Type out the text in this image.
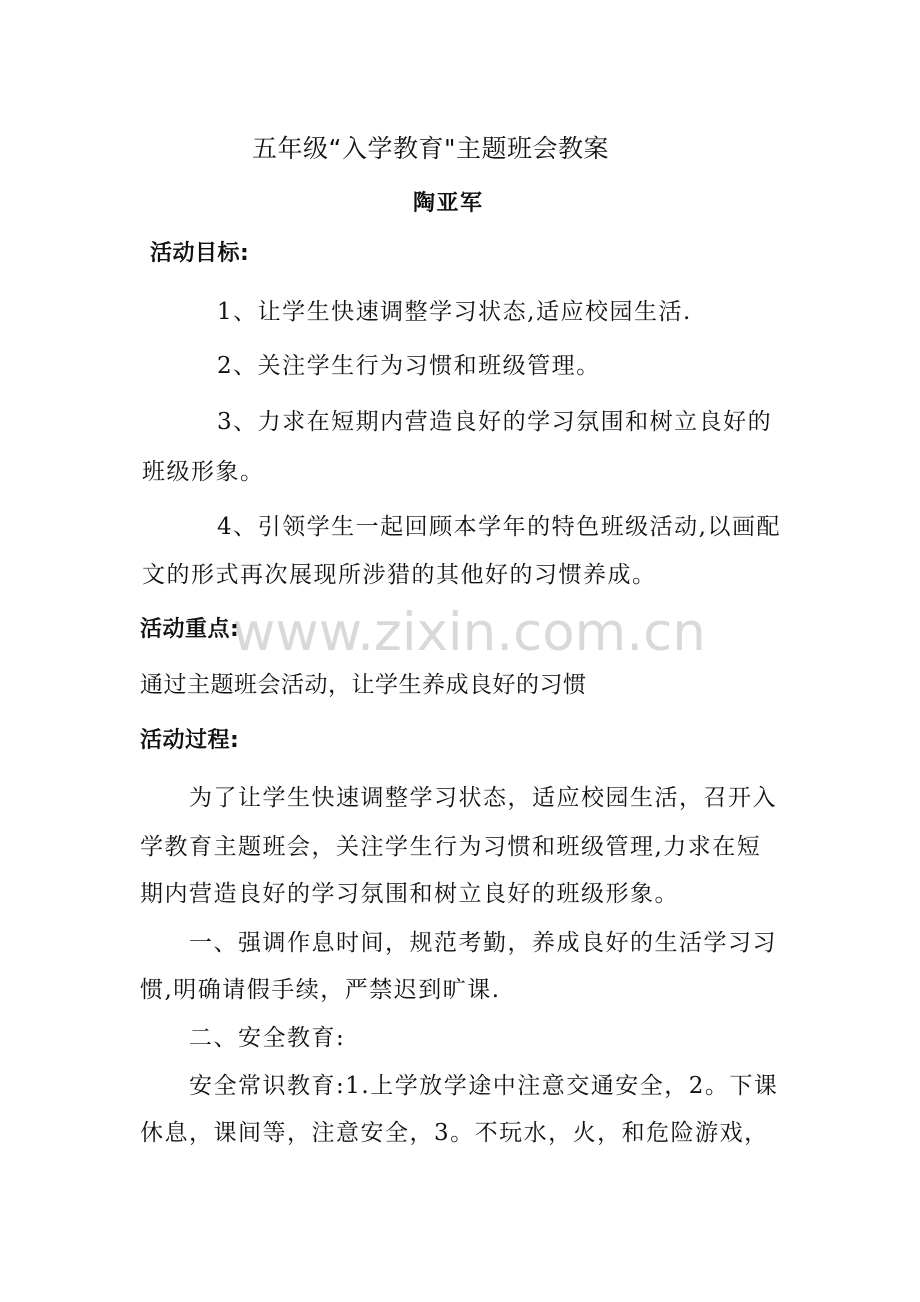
五年级“入学教育"主题班会教案
陶亚军
活动目标:
1、让学生快速调整学习状态,适应校园生活.
2、关注学生行为习惯和班级管理。
3、力求在短期内营造良好的学习氛围和树立良好的
班级形象。
4、引领学生一起回顾本学年的特色班级活动,以画配
文的形式再次展现所涉猎的其他好的习惯养成。
www.zixin.com.cn
活动重点:
通过主题班会活动，让学生养成良好的习惯
活动过程:
为了让学生快速调整学习状态，适应校园生活，召开入
学教育主题班会，关注学生行为习惯和班级管理,力求在短
期内营造良好的学习氛围和树立良好的班级形象。
一、强调作息时间，规范考勤，养成良好的生活学习习
惯,明确请假手续，严禁迟到旷课.
二、安全教育:
安全常识教育:1.上学放学途中注意交通安全，2。下课
休息，课间等，注意安全，3。不玩水，火，和危险游戏，
